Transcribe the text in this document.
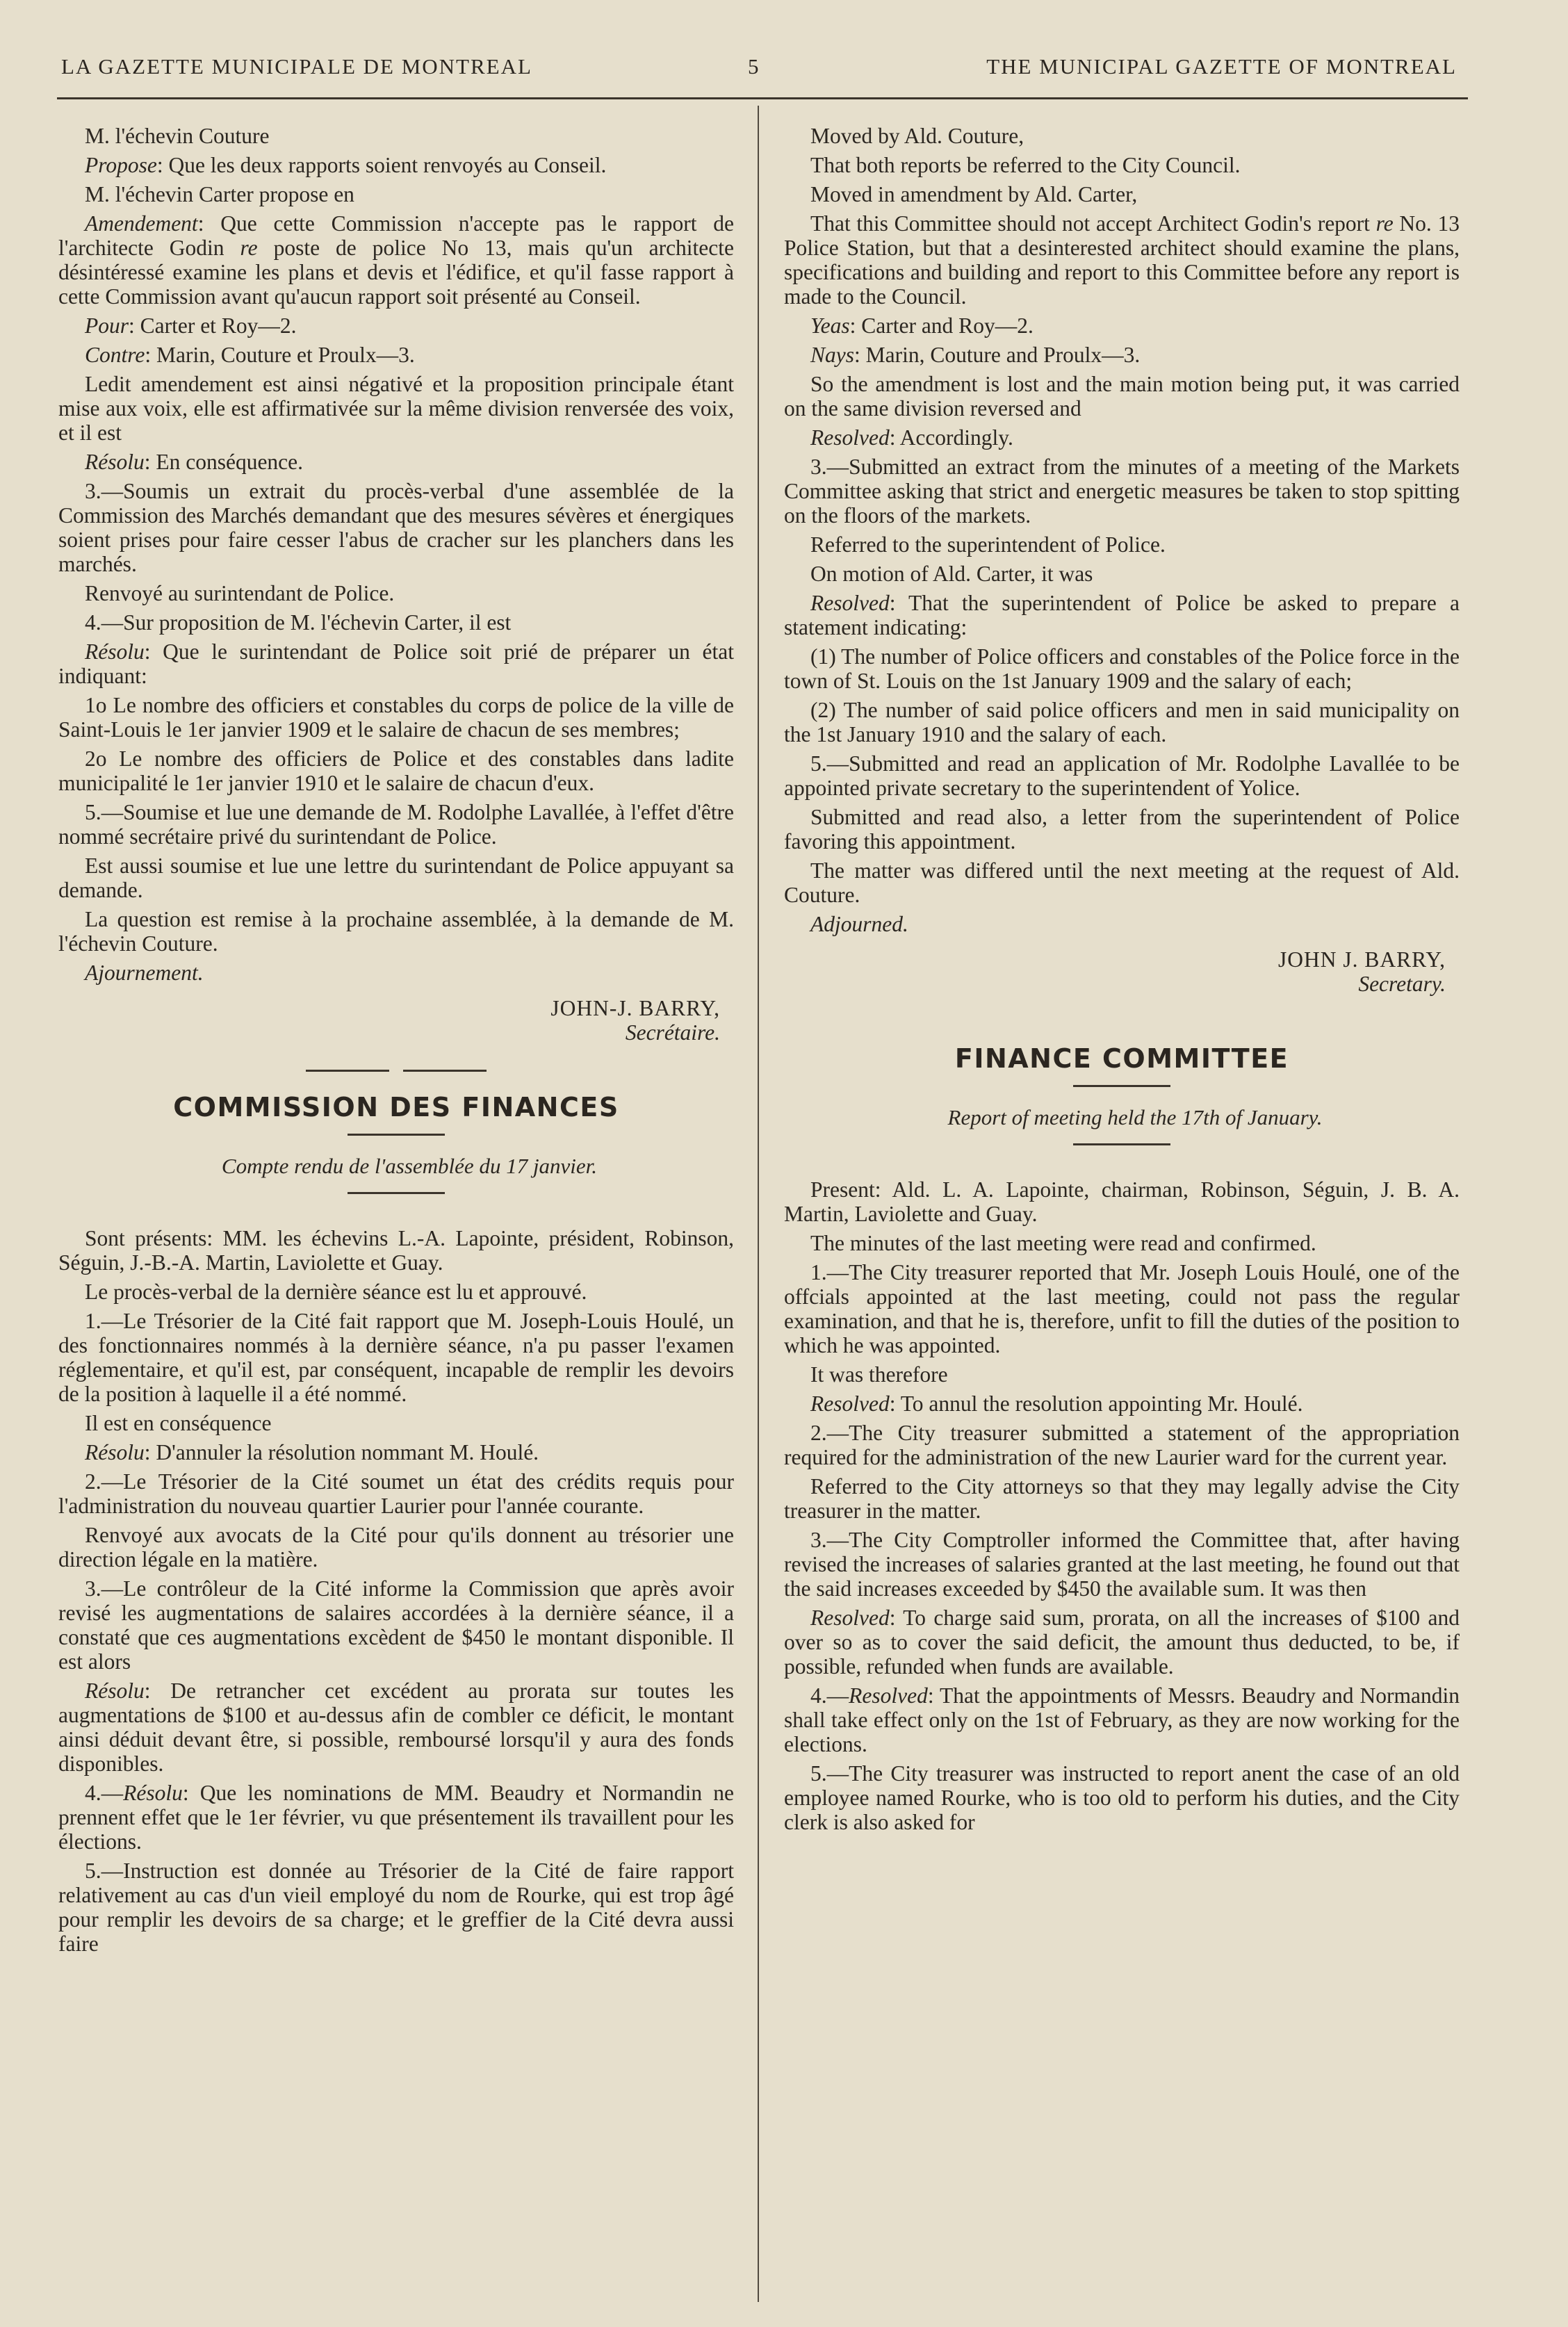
LA GAZETTE MUNICIPALE DE MONTREAL	5	THE MUNICIPAL GAZETTE OF MONTREAL

M. l'échevin Couture

Propose: Que les deux rapports soient renvoyés au Conseil.

M. l'échevin Carter propose en

Amendement: Que cette Commission n'accepte pas le rapport de l'architecte Godin re poste de police No 13, mais qu'un architecte désintéressé examine les plans et devis et l'édifice, et qu'il fasse rapport à cette Commission avant qu'aucun rapport soit présenté au Conseil.

Pour: Carter et Roy—2.

Contre: Marin, Couture et Proulx—3.

Ledit amendement est ainsi négativé et la proposition principale étant mise aux voix, elle est affirmativée sur la même division renversée des voix, et il est

Résolu: En conséquence.

3.—Soumis un extrait du procès-verbal d'une assemblée de la Commission des Marchés demandant que des mesures sévères et énergiques soient prises pour faire cesser l'abus de cracher sur les planchers dans les marchés.

Renvoyé au surintendant de Police.

4.—Sur proposition de M. l'échevin Carter, il est

Résolu: Que le surintendant de Police soit prié de préparer un état indiquant:

1o Le nombre des officiers et constables du corps de police de la ville de Saint-Louis le 1er janvier 1909 et le salaire de chacun de ses membres;

2o Le nombre des officiers de Police et des constables dans ladite municipalité le 1er janvier 1910 et le salaire de chacun d'eux.

5.—Soumise et lue une demande de M. Rodolphe Lavallée, à l'effet d'être nommé secrétaire privé du surintendant de Police.

Est aussi soumise et lue une lettre du surintendant de Police appuyant sa demande.

La question est remise à la prochaine assemblée, à la demande de M. l'échevin Couture.

Ajournement.

JOHN-J. BARRY,
Secrétaire.
COMMISSION DES FINANCES

Compte rendu de l'assemblée du 17 janvier.

Sont présents: MM. les échevins L.-A. Lapointe, président, Robinson, Séguin, J.-B.-A. Martin, Laviolette et Guay.

Le procès-verbal de la dernière séance est lu et approuvé.

1.—Le Trésorier de la Cité fait rapport que M. Joseph-Louis Houlé, un des fonctionnaires nommés à la dernière séance, n'a pu passer l'examen réglementaire, et qu'il est, par conséquent, incapable de remplir les devoirs de la position à laquelle il a été nommé.

Il est en conséquence

Résolu: D'annuler la résolution nommant M. Houlé.

2.—Le Trésorier de la Cité soumet un état des crédits requis pour l'administration du nouveau quartier Laurier pour l'année courante.

Renvoyé aux avocats de la Cité pour qu'ils donnent au trésorier une direction légale en la matière.

3.—Le contrôleur de la Cité informe la Commission que après avoir revisé les augmentations de salaires accordées à la dernière séance, il a constaté que ces augmentations excèdent de $450 le montant disponible. Il est alors

Résolu: De retrancher cet excédent au prorata sur toutes les augmentations de $100 et au-dessus afin de combler ce déficit, le montant ainsi déduit devant être, si possible, remboursé lorsqu'il y aura des fonds disponibles.

4.—Résolu: Que les nominations de MM. Beaudry et Normandin ne prennent effet que le 1er février, vu que présentement ils travaillent pour les élections.

5.—Instruction est donnée au Trésorier de la Cité de faire rapport relativement au cas d'un vieil employé du nom de Rourke, qui est trop âgé pour remplir les devoirs de sa charge; et le greffier de la Cité devra aussi faire

Moved by Ald. Couture,

That both reports be referred to the City Council.

Moved in amendment by Ald. Carter,

That this Committee should not accept Architect Godin's report re No. 13 Police Station, but that a desinterested architect should examine the plans, specifications and building and report to this Committee before any report is made to the Council.

Yeas: Carter and Roy—2.

Nays: Marin, Couture and Proulx—3.

So the amendment is lost and the main motion being put, it was carried on the same division reversed and

Resolved: Accordingly.

3.—Submitted an extract from the minutes of a meeting of the Markets Committee asking that strict and energetic measures be taken to stop spitting on the floors of the markets.

Referred to the superintendent of Police.

On motion of Ald. Carter, it was

Resolved: That the superintendent of Police be asked to prepare a statement indicating:

(1) The number of Police officers and constables of the Police force in the town of St. Louis on the 1st January 1909 and the salary of each;

(2) The number of said police officers and men in said municipality on the 1st January 1910 and the salary of each.

5.—Submitted and read an application of Mr. Rodolphe Lavallée to be appointed private secretary to the superintendent of Yolice.

Submitted and read also, a letter from the superintendent of Police favoring this appointment.

The matter was differed until the next meeting at the request of Ald. Couture.

Adjourned.

JOHN J. BARRY,
Secretary.
FINANCE COMMITTEE

Report of meeting held the 17th of January.

Present: Ald. L. A. Lapointe, chairman, Robinson, Séguin, J. B. A. Martin, Laviolette and Guay.

The minutes of the last meeting were read and confirmed.

1.—The City treasurer reported that Mr. Joseph Louis Houlé, one of the offcials appointed at the last meeting, could not pass the regular examination, and that he is, therefore, unfit to fill the duties of the position to which he was appointed.

It was therefore

Resolved: To annul the resolution appointing Mr. Houlé.

2.—The City treasurer submitted a statement of the appropriation required for the administration of the new Laurier ward for the current year.

Referred to the City attorneys so that they may legally advise the City treasurer in the matter.

3.—The City Comptroller informed the Committee that, after having revised the increases of salaries granted at the last meeting, he found out that the said increases exceeded by $450 the available sum. It was then

Resolved: To charge said sum, prorata, on all the increases of $100 and over so as to cover the said deficit, the amount thus deducted, to be, if possible, refunded when funds are available.

4.—Resolved: That the appointments of Messrs. Beaudry and Normandin shall take effect only on the 1st of February, as they are now working for the elections.

5.—The City treasurer was instructed to report anent the case of an old employee named Rourke, who is too old to perform his duties, and the City clerk is also asked for
